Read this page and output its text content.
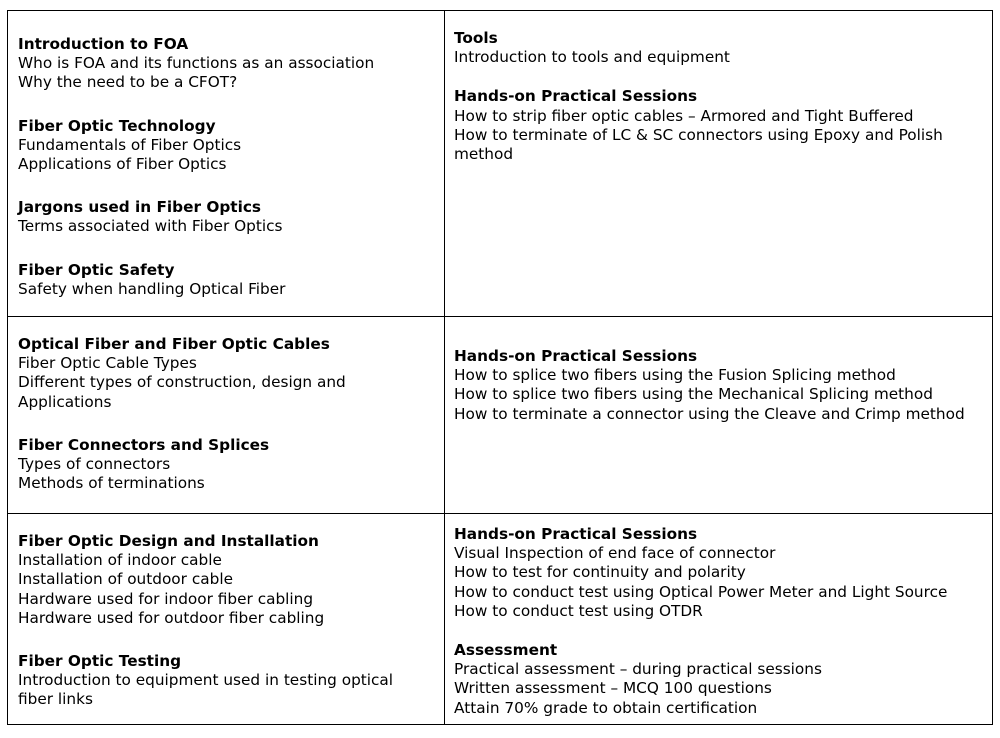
Introduction to FOA
Who is FOA and its functions as an association
Why the need to be a CFOT?
Fiber Optic Technology
Fundamentals of Fiber Optics
Applications of Fiber Optics
Jargons used in Fiber Optics
Terms associated with Fiber Optics
Fiber Optic Safety
Safety when handling Optical Fiber
Tools
Introduction to tools and equipment
Hands-on Practical Sessions
How to strip fiber optic cables – Armored and Tight Buffered
How to terminate of LC & SC connectors using Epoxy and Polish method
Optical Fiber and Fiber Optic Cables
Fiber Optic Cable Types
Different types of construction, design and Applications
Fiber Connectors and Splices
Types of connectors
Methods of terminations
Hands-on Practical Sessions
How to splice two fibers using the Fusion Splicing method
How to splice two fibers using the Mechanical Splicing method
How to terminate a connector using the Cleave and Crimp method
Fiber Optic Design and Installation
Installation of indoor cable
Installation of outdoor cable
Hardware used for indoor fiber cabling
Hardware used for outdoor fiber cabling
Fiber Optic Testing
Introduction to equipment used in testing optical fiber links
Hands-on Practical Sessions
Visual Inspection of end face of connector
How to test for continuity and polarity
How to conduct test using Optical Power Meter and Light Source
How to conduct test using OTDR
Assessment
Practical assessment – during practical sessions
Written assessment – MCQ 100 questions
Attain 70% grade to obtain certification
